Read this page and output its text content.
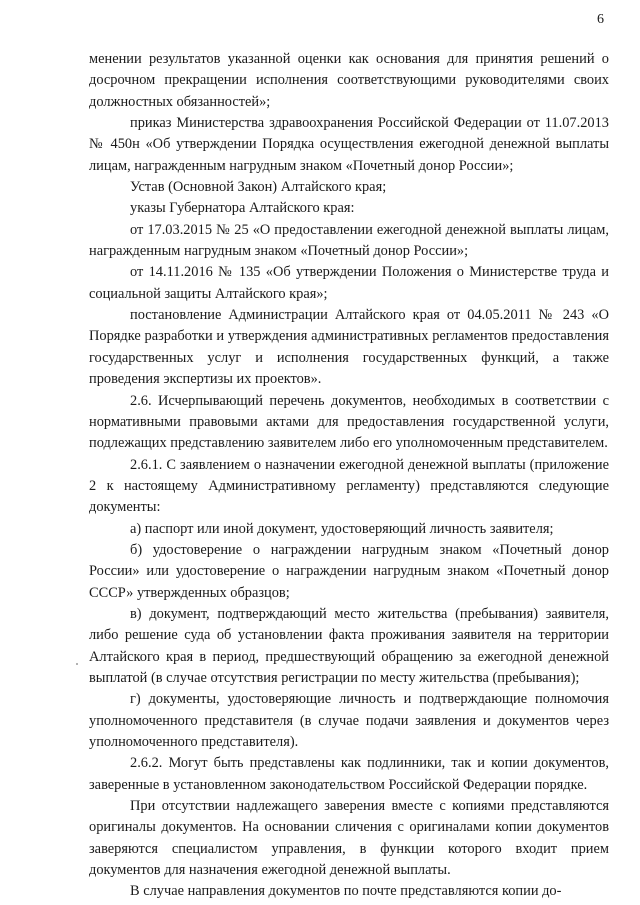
6

менении результатов указанной оценки как основания для принятия решений о досрочном прекращении исполнения соответствующими руководителями своих должностных обязанностей»;

приказ Министерства здравоохранения Российской Федерации от 11.07.2013 № 450н «Об утверждении Порядка осуществления ежегодной денежной выплаты лицам, награжденным нагрудным знаком «Почетный донор России»;

Устав (Основной Закон) Алтайского края;

указы Губернатора Алтайского края:

от 17.03.2015 № 25 «О предоставлении ежегодной денежной выплаты лицам, награжденным нагрудным знаком «Почетный донор России»;

от 14.11.2016 № 135 «Об утверждении Положения о Министерстве труда и социальной защиты Алтайского края»;

постановление Администрации Алтайского края от 04.05.2011 № 243 «О Порядке разработки и утверждения административных регламентов предоставления государственных услуг и исполнения государственных функций, а также проведения экспертизы их проектов».

2.6. Исчерпывающий перечень документов, необходимых в соответствии с нормативными правовыми актами для предоставления государственной услуги, подлежащих представлению заявителем либо его уполномоченным представителем.

2.6.1. С заявлением о назначении ежегодной денежной выплаты (приложение 2 к настоящему Административному регламенту) представляются следующие документы:

а) паспорт или иной документ, удостоверяющий личность заявителя;

б) удостоверение о награждении нагрудным знаком «Почетный донор России» или удостоверение о награждении нагрудным знаком «Почетный донор СССР» утвержденных образцов;

в) документ, подтверждающий место жительства (пребывания) заявителя, либо решение суда об установлении факта проживания заявителя на территории Алтайского края в период, предшествующий обращению за ежегодной денежной выплатой (в случае отсутствия регистрации по месту жительства (пребывания);

г) документы, удостоверяющие личность и подтверждающие полномочия уполномоченного представителя (в случае подачи заявления и документов через уполномоченного представителя).

2.6.2. Могут быть представлены как подлинники, так и копии документов, заверенные в установленном законодательством Российской Федерации порядке.

При отсутствии надлежащего заверения вместе с копиями представляются оригиналы документов. На основании сличения с оригиналами копии документов заверяются специалистом управления, в функции которого входит прием документов для назначения ежегодной денежной выплаты.

В случае направления документов по почте представляются копии до-
